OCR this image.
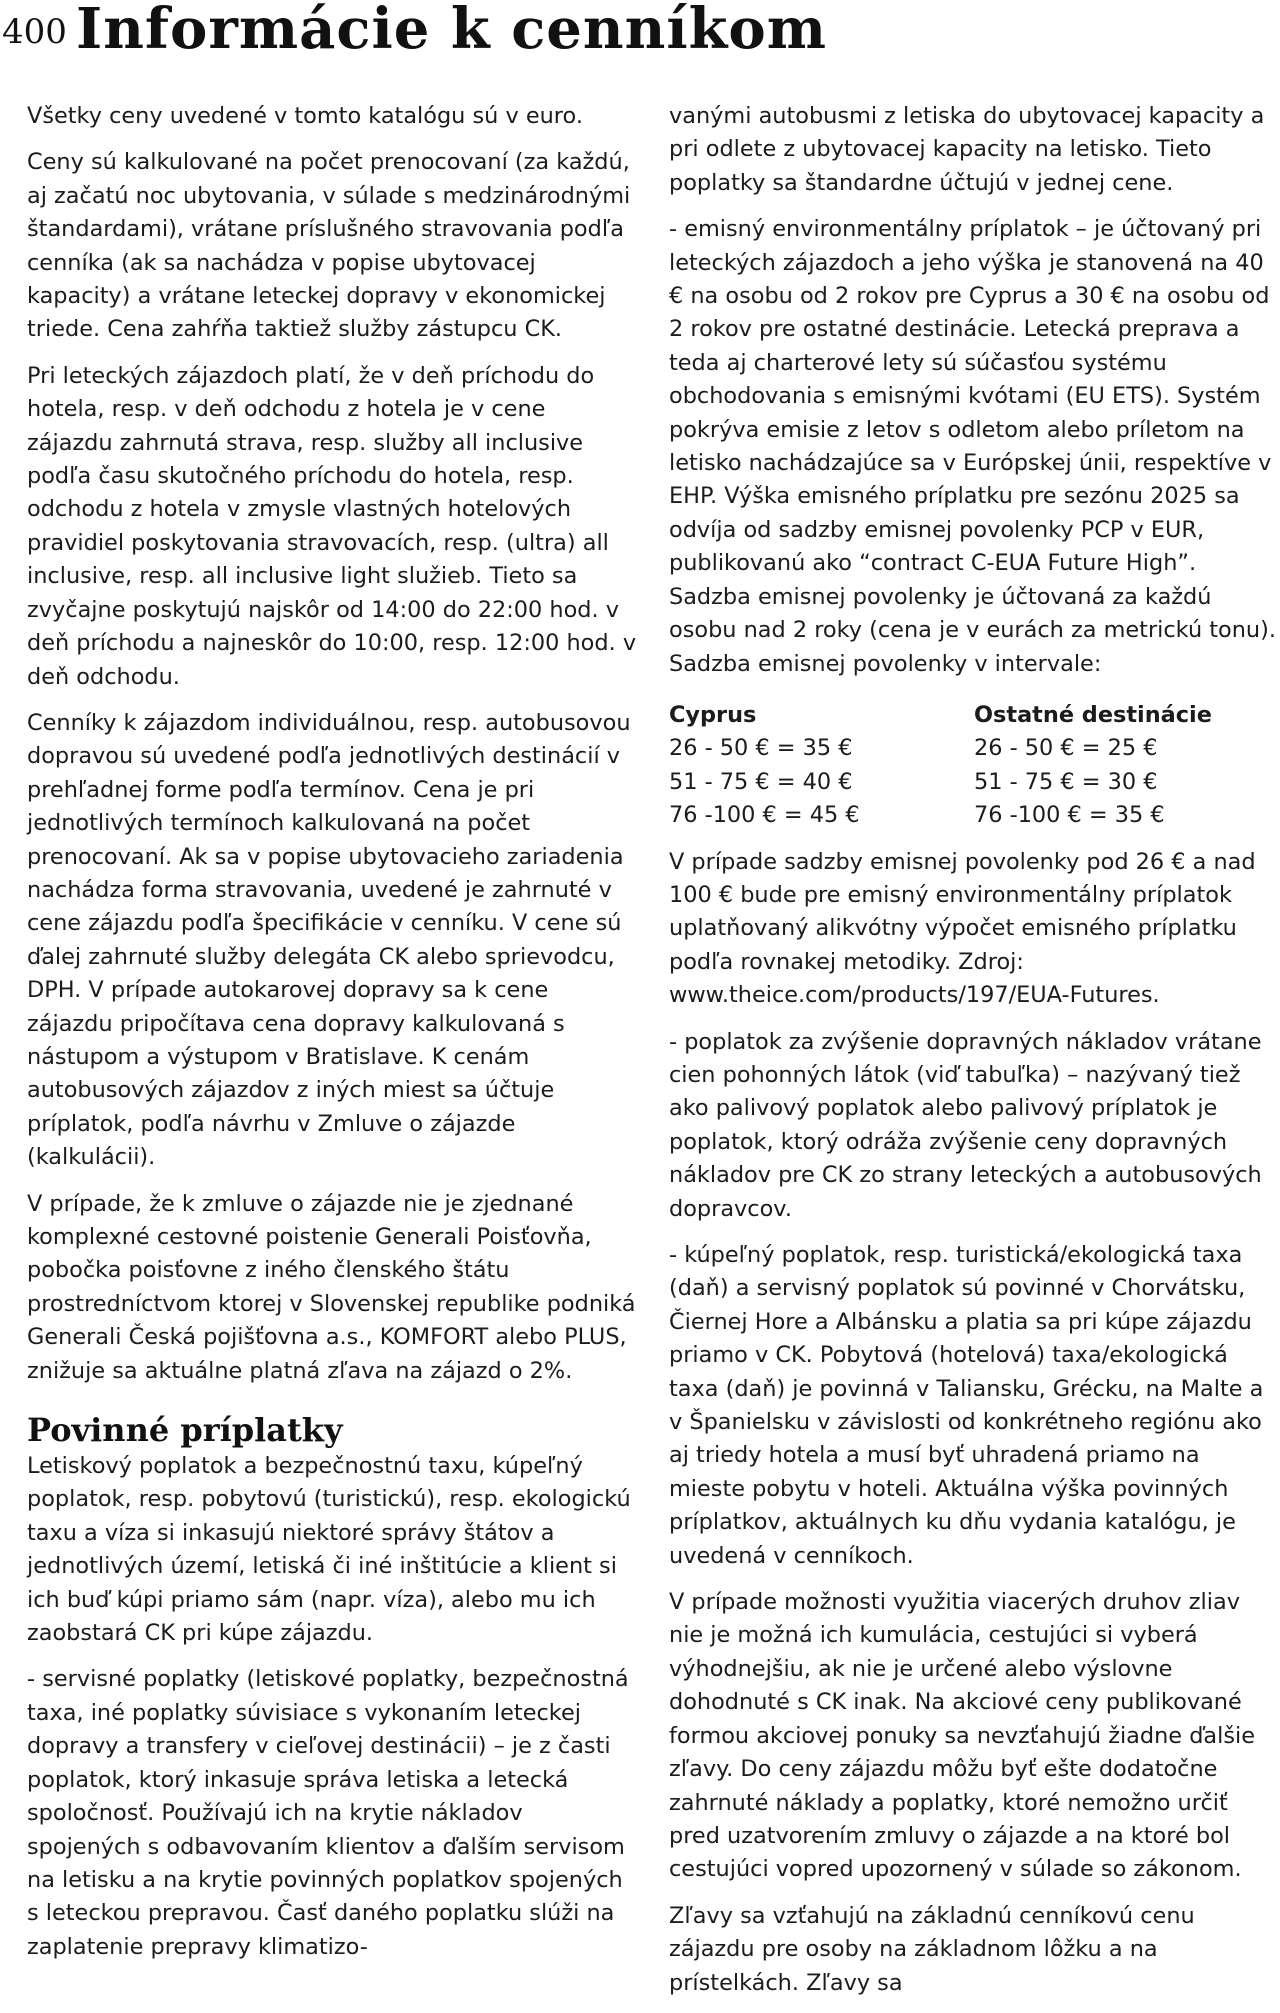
400 Informácie k cenníkom

Všetky ceny uvedené v tomto katalógu sú v euro.

Ceny sú kalkulované na počet prenocovaní (za každú, aj začatú noc ubytovania, v súlade s medzinárodnými štandardami), vrátane príslušného stravovania podľa cenníka (ak sa nachádza v popise ubytovacej kapacity) a vrátane leteckej dopravy v ekonomickej triede. Cena zahŕňa taktiež služby zástupcu CK.

Pri leteckých zájazdoch platí, že v deň príchodu do hotela, resp. v deň odchodu z hotela je v cene zájazdu zahrnutá strava, resp. služby all inclusive podľa času skutočného príchodu do hotela, resp. odchodu z hotela v zmysle vlastných hotelových pravidiel poskytovania stravovacích, resp. (ultra) all inclusive, resp. all inclusive light služieb. Tieto sa zvyčajne poskytujú najskôr od 14:00 do 22:00 hod. v deň príchodu a najneskôr do 10:00, resp. 12:00 hod. v deň odchodu.

Cenníky k zájazdom individuálnou, resp. autobusovou dopravou sú uvedené podľa jednotlivých destinácií v prehľadnej forme podľa termínov. Cena je pri jednotlivých termínoch kalkulovaná na počet prenocovaní. Ak sa v popise ubytovacieho zariadenia nachádza forma stravovania, uvedené je zahrnuté v cene zájazdu podľa špecifikácie v cenníku. V cene sú ďalej zahrnuté služby delegáta CK alebo sprievodcu, DPH. V prípade autokarovej dopravy sa k cene zájazdu pripočítava cena dopravy kalkulovaná s nástupom a výstupom v Bratislave. K cenám autobusových zájazdov z iných miest sa účtuje príplatok, podľa návrhu v Zmluve o zájazde (kalkulácii).

V prípade, že k zmluve o zájazde nie je zjednané komplexné cestovné poistenie Generali Poisťovňa, pobočka poisťovne z iného členského štátu prostredníctvom ktorej v Slovenskej republike podniká Generali Česká pojišťovna a.s., KOMFORT alebo PLUS, znižuje sa aktuálne platná zľava na zájazd o 2%.

Povinné príplatky

Letiskový poplatok a bezpečnostnú taxu, kúpeľný poplatok, resp. pobytovú (turistickú), resp. ekologickú taxu a víza si inkasujú niektoré správy štátov a jednotlivých území, letiská či iné inštitúcie a klient si ich buď kúpi priamo sám (napr. víza), alebo mu ich zaobstará CK pri kúpe zájazdu.

- servisné poplatky (letiskové poplatky, bezpečnostná taxa, iné poplatky súvisiace s vykonaním leteckej dopravy a transfery v cieľovej destinácii) – je z časti poplatok, ktorý inkasuje správa letiska a letecká spoločnosť. Používajú ich na krytie nákladov spojených s odbavovaním klientov a ďalším servisom na letisku a na krytie povinných poplatkov spojených s leteckou prepravou. Časť daného poplatku slúži na zaplatenie prepravy klimatizo-

vanými autobusmi z letiska do ubytovacej kapacity a pri odlete z ubytovacej kapacity na letisko. Tieto poplatky sa štandardne účtujú v jednej cene.

- emisný environmentálny príplatok – je účtovaný pri leteckých zájazdoch a jeho výška je stanovená na 40 € na osobu od 2 rokov pre Cyprus a 30 € na osobu od 2 rokov pre ostatné destinácie. Letecká preprava a teda aj charterové lety sú súčasťou systému obchodovania s emisnými kvótami (EU ETS). Systém pokrýva emisie z letov s odletom alebo príletom na letisko nachádzajúce sa v Európskej únii, respektíve v EHP. Výška emisného príplatku pre sezónu 2025 sa odvíja od sadzby emisnej povolenky PCP v EUR, publikovanú ako “contract C-EUA Future High”. Sadzba emisnej povolenky je účtovaná za každú osobu nad 2 roky (cena je v eurách za metrickú tonu). Sadzba emisnej povolenky v intervale:

Cyprus
26 - 50 € = 35 €
51 - 75 € = 40 €
76 -100 € = 45 €
Ostatné destinácie
26 - 50 € = 25 €
51 - 75 € = 30 €
76 -100 € = 35 €

V prípade sadzby emisnej povolenky pod 26 € a nad 100 € bude pre emisný environmentálny príplatok uplatňovaný alikvótny výpočet emisného príplatku podľa rovnakej metodiky. Zdroj: www.theice.com/products/197/EUA-Futures.

- poplatok za zvýšenie dopravných nákladov vrátane cien pohonných látok (viď tabuľka) – nazývaný tiež ako palivový poplatok alebo palivový príplatok je poplatok, ktorý odráža zvýšenie ceny dopravných nákladov pre CK zo strany leteckých a autobusových dopravcov.

- kúpeľný poplatok, resp. turistická/ekologická taxa (daň) a servisný poplatok sú povinné v Chorvátsku, Čiernej Hore a Albánsku a platia sa pri kúpe zájazdu priamo v CK. Pobytová (hotelová) taxa/ekologická taxa (daň) je povinná v Taliansku, Grécku, na Malte a v Španielsku v závislosti od konkrétneho regiónu ako aj triedy hotela a musí byť uhradená priamo na mieste pobytu v hoteli. Aktuálna výška povinných príplatkov, aktuálnych ku dňu vydania katalógu, je uvedená v cenníkoch.

V prípade možnosti využitia viacerých druhov zliav nie je možná ich kumulácia, cestujúci si vyberá výhodnejšiu, ak nie je určené alebo výslovne dohodnuté s CK inak. Na akciové ceny publikované formou akciovej ponuky sa nevzťahujú žiadne ďalšie zľavy. Do ceny zájazdu môžu byť ešte dodatočne zahrnuté náklady a poplatky, ktoré nemožno určiť pred uzatvorením zmluvy o zájazde a na ktoré bol cestujúci vopred upozornený v súlade so zákonom.

Zľavy sa vzťahujú na základnú cenníkovú cenu zájazdu pre osoby na základnom lôžku a na prístelkách. Zľavy sa
